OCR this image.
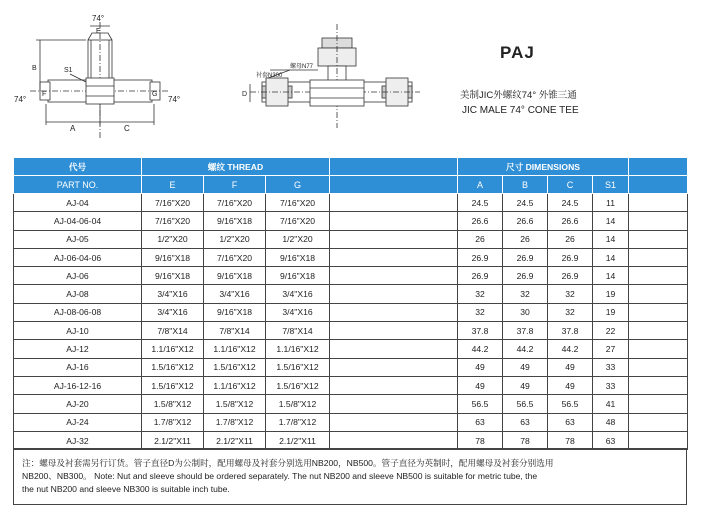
74°
E
B	S1
74°	74°
F	G
A	C
螺母N77
衬套N300
D
PAJ
美制JIC外螺纹74° 外锥三通
JIC MALE 74° CONE TEE
代号	螺纹 THREAD				尺寸 DIMENSIONS				
PART NO.	E	F	G		A	B	C	S1	
AJ-04	7/16"X20	7/16"X20	7/16"X20		24.5	24.5	24.5	11	
AJ-04-06-04	7/16"X20	9/16"X18	7/16"X20		26.6	26.6	26.6	14	
AJ-05	1/2"X20	1/2"X20	1/2"X20		26	26	26	14	
AJ-06-04-06	9/16"X18	7/16"X20	9/16"X18		26.9	26.9	26.9	14	
AJ-06	9/16"X18	9/16"X18	9/16"X18		26.9	26.9	26.9	14	
AJ-08	3/4"X16	3/4"X16	3/4"X16		32	32	32	19	
AJ-08-06-08	3/4"X16	9/16"X18	3/4"X16		32	30	32	19	
AJ-10	7/8"X14	7/8"X14	7/8"X14		37.8	37.8	37.8	22	
AJ-12	1.1/16"X12	1.1/16"X12	1.1/16"X12		44.2	44.2	44.2	27	
AJ-16	1.5/16"X12	1.5/16"X12	1.5/16"X12		49	49	49	33	
AJ-16-12-16	1.5/16"X12	1.1/16"X12	1.5/16"X12		49	49	49	33	
AJ-20	1.5/8"X12	1.5/8"X12	1.5/8"X12		56.5	56.5	56.5	41	
AJ-24	1.7/8"X12	1.7/8"X12	1.7/8"X12		63	63	63	48	
AJ-32	2.1/2"X11	2.1/2"X11	2.1/2"X11		78	78	78	63	
注：螺母及衬套需另行订货。管子直径D为公制时，配用螺母及衬套分别选用NB200，NB500。管子直径为英制时，配用螺母及衬套分别选用
NB200、NB300。 Note: Nut and sleeve should be ordered separately. The nut NB200 and sleeve NB500 is suitable for metric tube, the
the nut NB200 and sleeve NB300 is suitable inch tube.
